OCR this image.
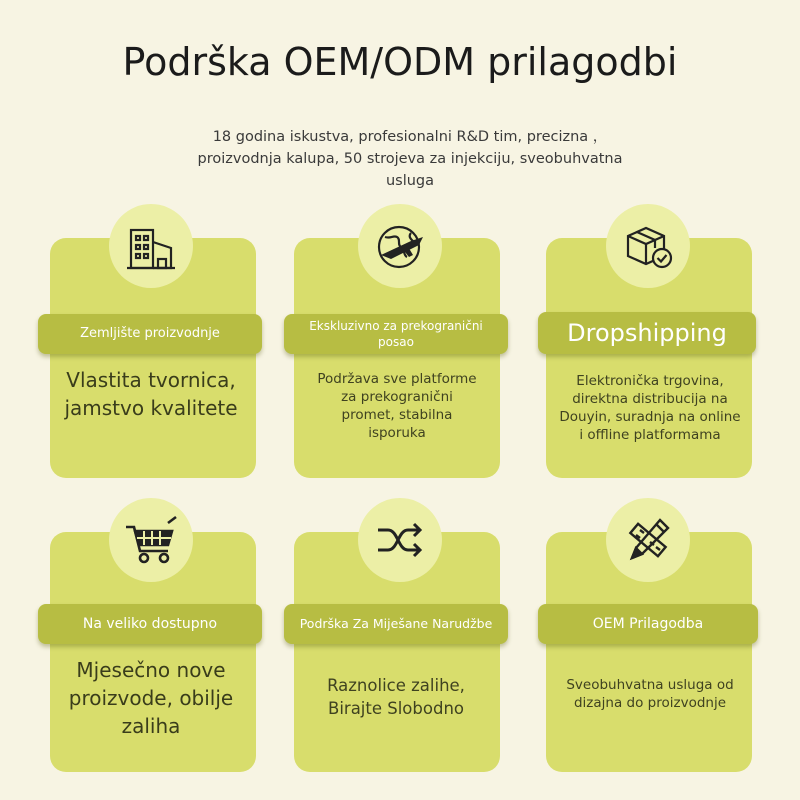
Podrška OEM/ODM prilagodbi
18 godina iskustva, profesionalni R&D tim, precizna ， proizvodnja kalupa, 50 strojeva za injekciju, sveobuhvatna usluga
Zemljište proizvodnje
Vlastita tvornica, jamstvo kvalitete
Ekskluzivno za prekogranični posao
Podržava sve platforme za prekogranični promet, stabilna isporuka
Dropshipping
Elektronička trgovina, direktna distribucija na Douyin, suradnja na online i offline platformama
Na veliko dostupno
Mjesečno nove proizvode, obilje zaliha
Podrška Za Miješane Narudžbe
Raznolice zalihe, Birajte Slobodno
OEM Prilagodba
Sveobuhvatna usluga od dizajna do proizvodnje
